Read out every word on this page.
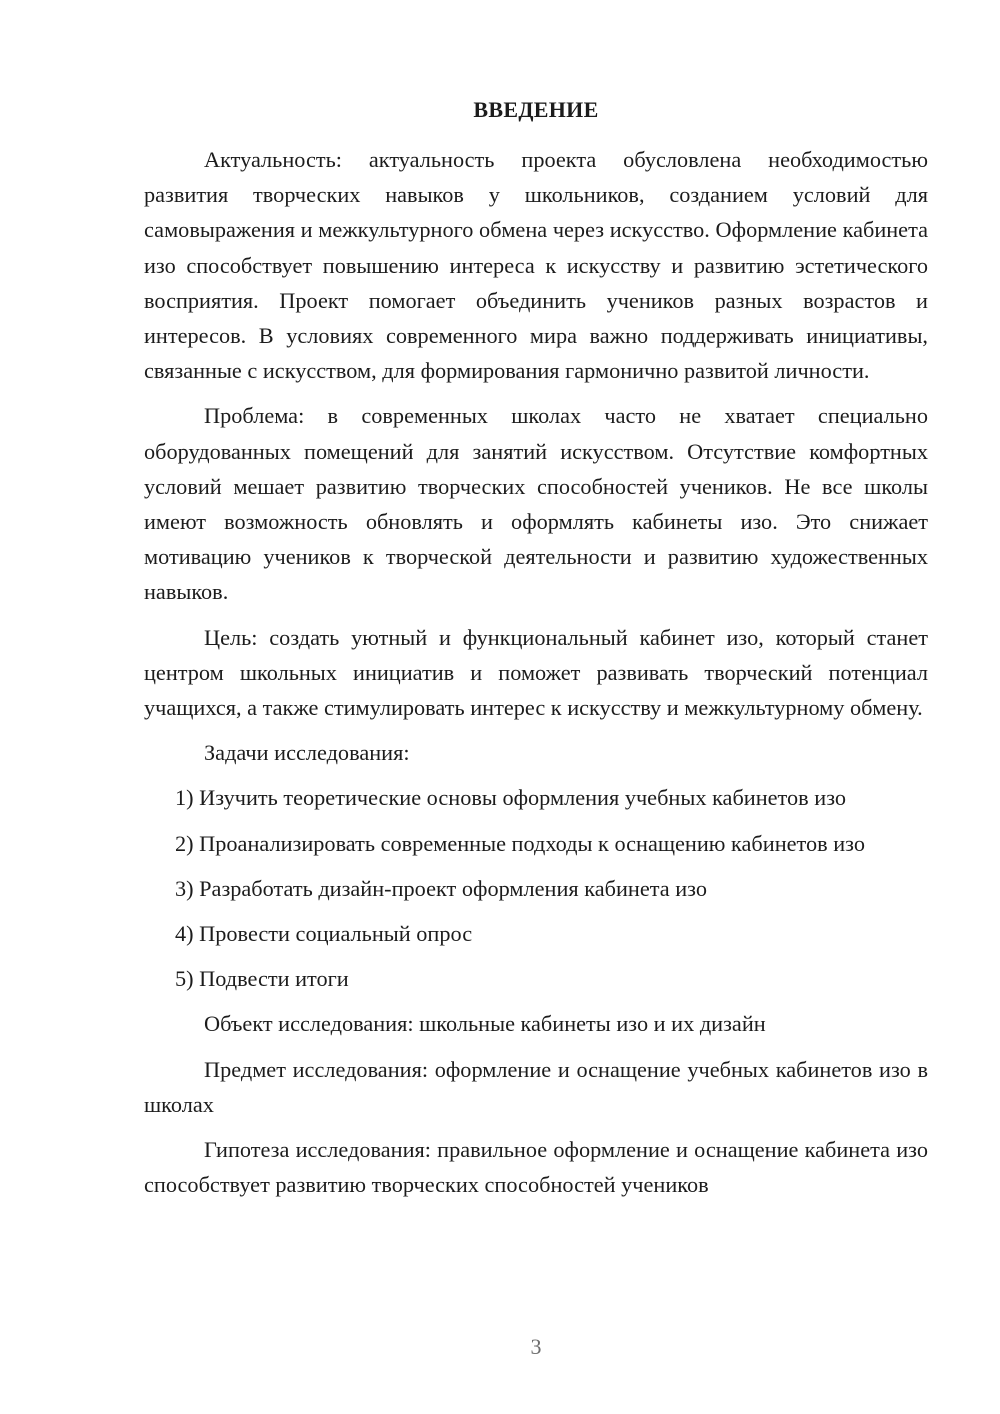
ВВЕДЕНИЕ

Актуальность: актуальность проекта обусловлена необходимостью развития творческих навыков у школьников, созданием условий для самовыражения и межкультурного обмена через искусство. Оформление кабинета изо способствует повышению интереса к искусству и развитию эстетического восприятия. Проект помогает объединить учеников разных возрастов и интересов. В условиях современного мира важно поддерживать инициативы, связанные с искусством, для формирования гармонично развитой личности.

Проблема: в современных школах часто не хватает специально оборудованных помещений для занятий искусством. Отсутствие комфортных условий мешает развитию творческих способностей учеников. Не все школы имеют возможность обновлять и оформлять кабинеты изо. Это снижает мотивацию учеников к творческой деятельности и развитию художественных навыков.

Цель: создать уютный и функциональный кабинет изо, который станет центром школьных инициатив и поможет развивать творческий потенциал учащихся, а также стимулировать интерес к искусству и межкультурному обмену.

Задачи исследования:

1) Изучить теоретические основы оформления учебных кабинетов изо

2) Проанализировать современные подходы к оснащению кабинетов изо

3) Разработать дизайн-проект оформления кабинета изо

4) Провести социальный опрос

5) Подвести итоги

Объект исследования: школьные кабинеты изо и их дизайн

Предмет исследования: оформление и оснащение учебных кабинетов изо в школах

Гипотеза исследования: правильное оформление и оснащение кабинета изо способствует развитию творческих способностей учеников

3
